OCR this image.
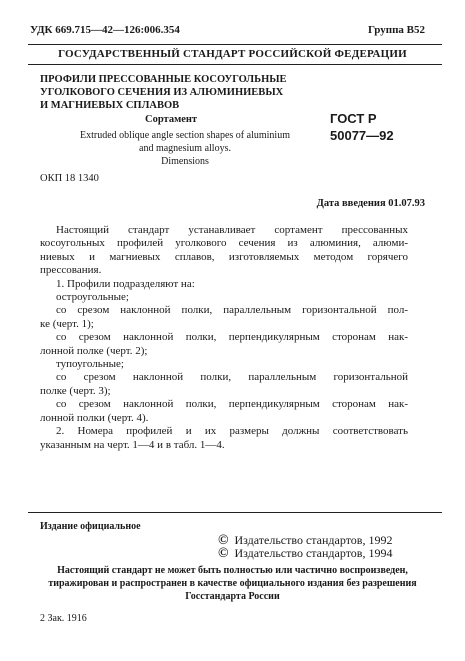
УДК 669.715—42—126:006.354	Группа В52
ГОСУДАРСТВЕННЫЙ СТАНДАРТ РОССИЙСКОЙ ФЕДЕРАЦИИ
ПРОФИЛИ ПРЕССОВАННЫЕ КОСОУГОЛЬНЫЕ
УГОЛКОВОГО СЕЧЕНИЯ ИЗ АЛЮМИНИЕВЫХ
И МАГНИЕВЫХ СПЛАВОВ
Сортамент
Extruded oblique angle section shapes of aluminium
and magnesium alloys.
Dimensions
ГОСТ Р
50077—92
ОКП 18 1340
Дата введения 01.07.93

Настоящий стандарт устанавливает сортамент прессованных

косоугольных профилей уголкового сечения из алюминия, алюми-

ниевых и магниевых сплавов, изготовляемых методом горячего

прессования.

1. Профили подразделяют на:

остроугольные;

со срезом наклонной полки, параллельным горизонтальной пол-

ке (черт. 1);

со срезом наклонной полки, перпендикулярным сторонам нак-

лонной полке (черт. 2);

тупоугольные;

со срезом наклонной полки, параллельным горизонтальной

полке (черт. 3);

со срезом наклонной полки, перпендикулярным сторонам нак-

лонной полки (черт. 4).

2. Номера профилей и их размеры должны соответствовать

указанным на черт. 1—4 и в табл. 1—4.

Издание официальное
© Издательство стандартов, 1992
© Издательство стандартов, 1994
Настоящий стандарт не может быть полностью или частично воспроизведен,
тиражирован и распространен в качестве официального издания без разрешения
Госстандарта России
2 Зак. 1916
